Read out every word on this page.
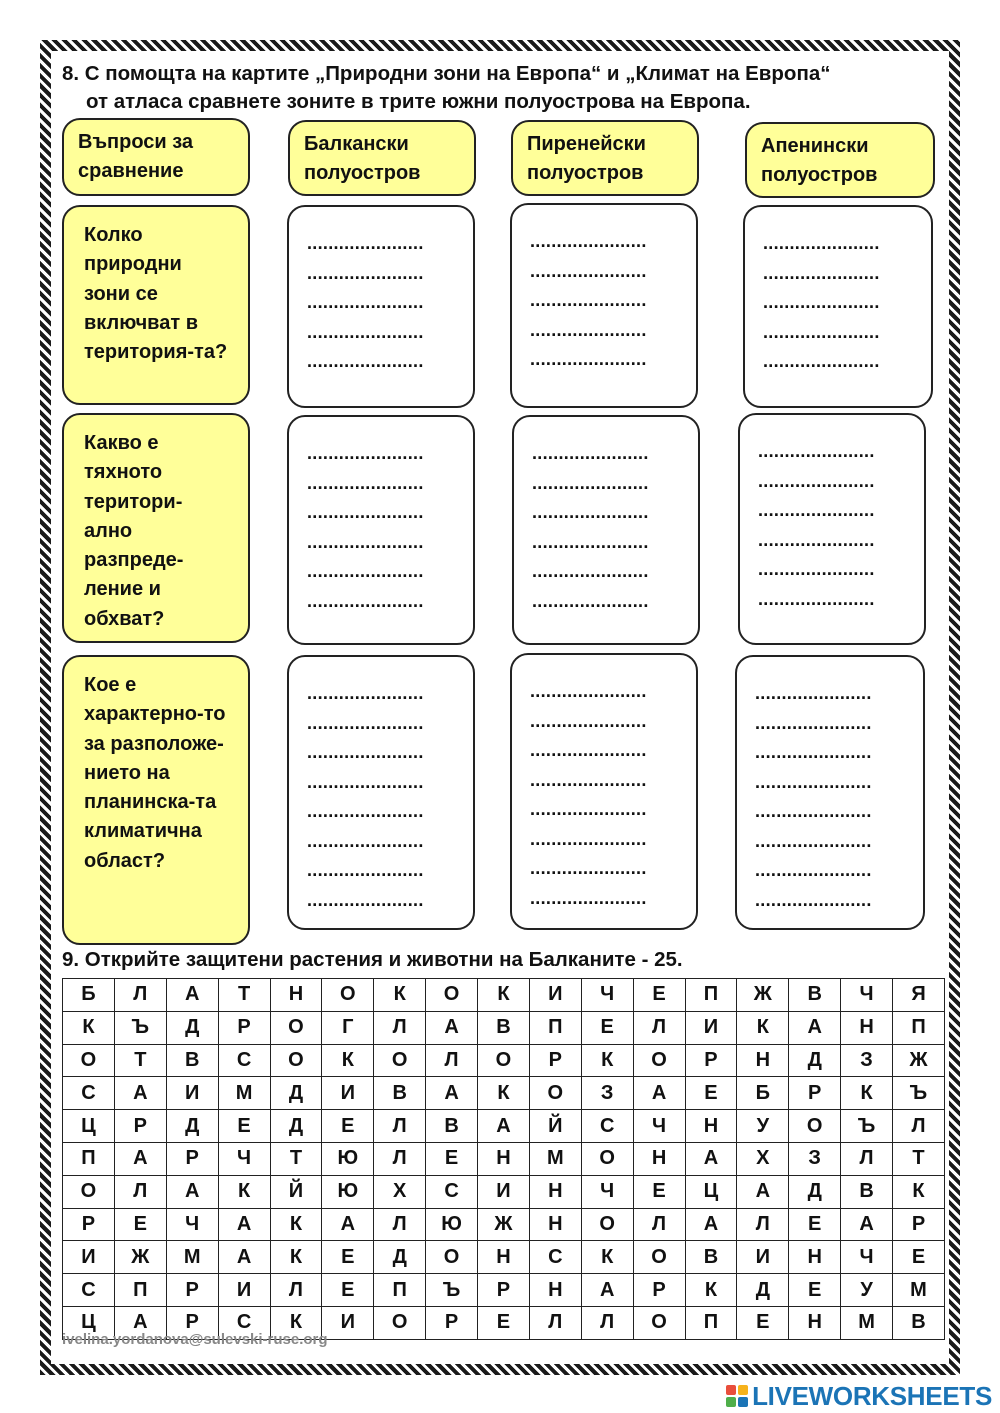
8. С помощта на картите „Природни зони на Европа“ и „Климат на Европа“
от атласа сравнете зоните в трите южни полуострова на Европа.
Въпроси за сравнение
Балкански полуостров
Пиренейски полуостров
Апенински полуостров
Колко природни зони се включват в територия-та?
......................
......................
......................
......................
......................
......................
......................
......................
......................
......................
......................
......................
......................
......................
......................
Какво е тяхното територи-ално разпреде-ление и обхват?
......................
......................
......................
......................
......................
......................
......................
......................
......................
......................
......................
......................
......................
......................
......................
......................
......................
......................
Кое е характерно-то за разположе-нието на планинска-та климатична област?
......................
......................
......................
......................
......................
......................
......................
......................
......................
......................
......................
......................
......................
......................
......................
......................
......................
......................
......................
......................
......................
......................
......................
......................
9. Открийте защитени растения и животни на Балканите - 25.
Б	Л	А	Т	Н	О	К	О	К	И	Ч	Е	П	Ж	В	Ч	Я
К	Ъ	Д	Р	О	Г	Л	А	В	П	Е	Л	И	К	А	Н	П
О	Т	В	С	О	К	О	Л	О	Р	К	О	Р	Н	Д	З	Ж
С	А	И	М	Д	И	В	А	К	О	З	А	Е	Б	Р	К	Ъ
Ц	Р	Д	Е	Д	Е	Л	В	А	Й	С	Ч	Н	У	О	Ъ	Л
П	А	Р	Ч	Т	Ю	Л	Е	Н	М	О	Н	А	Х	З	Л	Т
О	Л	А	К	Й	Ю	Х	С	И	Н	Ч	Е	Ц	А	Д	В	К
Р	Е	Ч	А	К	А	Л	Ю	Ж	Н	О	Л	А	Л	Е	А	Р
И	Ж	М	А	К	Е	Д	О	Н	С	К	О	В	И	Н	Ч	Е
С	П	Р	И	Л	Е	П	Ъ	Р	Н	А	Р	К	Д	Е	У	М
Ц	А	Р	С	К	И	О	Р	Е	Л	Л	О	П	Е	Н	М	В
ivelina.yordanova@sulevski-ruse.org
LIVEWORKSHEETS
